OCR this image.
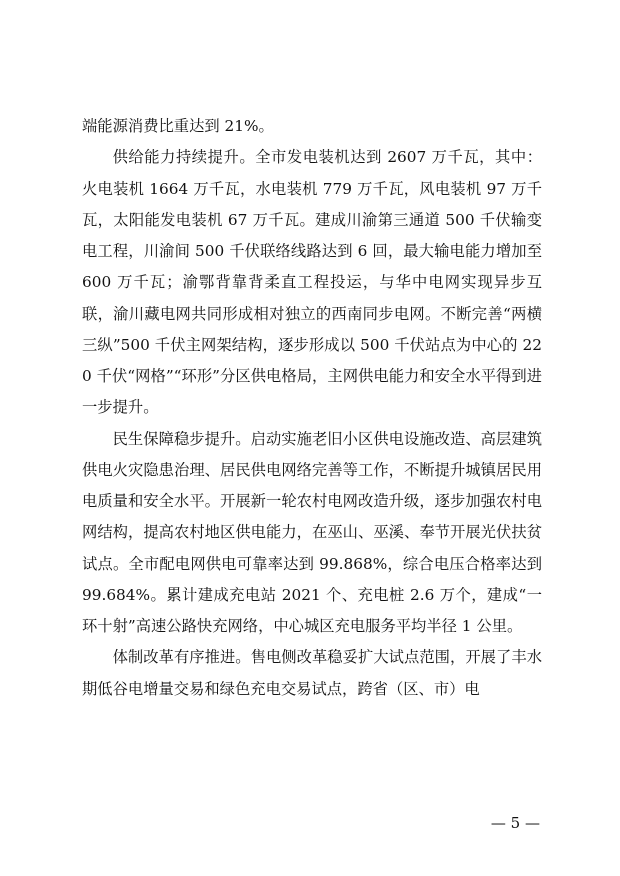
端能源消费比重达到 21%。

供给能力持续提升。全市发电装机达到 2607 万千瓦，其中：火电装机 1664 万千瓦，水电装机 779 万千瓦，风电装机 97 万千瓦，太阳能发电装机 67 万千瓦。建成川渝第三通道 500 千伏输变电工程，川渝间 500 千伏联络线路达到 6 回，最大输电能力增加至 600 万千瓦；渝鄂背靠背柔直工程投运，与华中电网实现异步互联，渝川藏电网共同形成相对独立的西南同步电网。不断完善“两横三纵”500 千伏主网架结构，逐步形成以 500 千伏站点为中心的 220 千伏“网格”“环形”分区供电格局，主网供电能力和安全水平得到进一步提升。

民生保障稳步提升。启动实施老旧小区供电设施改造、高层建筑供电火灾隐患治理、居民供电网络完善等工作，不断提升城镇居民用电质量和安全水平。开展新一轮农村电网改造升级，逐步加强农村电网结构，提高农村地区供电能力，在巫山、巫溪、奉节开展光伏扶贫试点。全市配电网供电可靠率达到 99.868%，综合电压合格率达到 99.684%。累计建成充电站 2021 个、充电桩 2.6 万个，建成“一环十射”高速公路快充网络，中心城区充电服务平均半径 1 公里。

体制改革有序推进。售电侧改革稳妥扩大试点范围，开展了丰水期低谷电增量交易和绿色充电交易试点，跨省（区、市）电

— 5 —
